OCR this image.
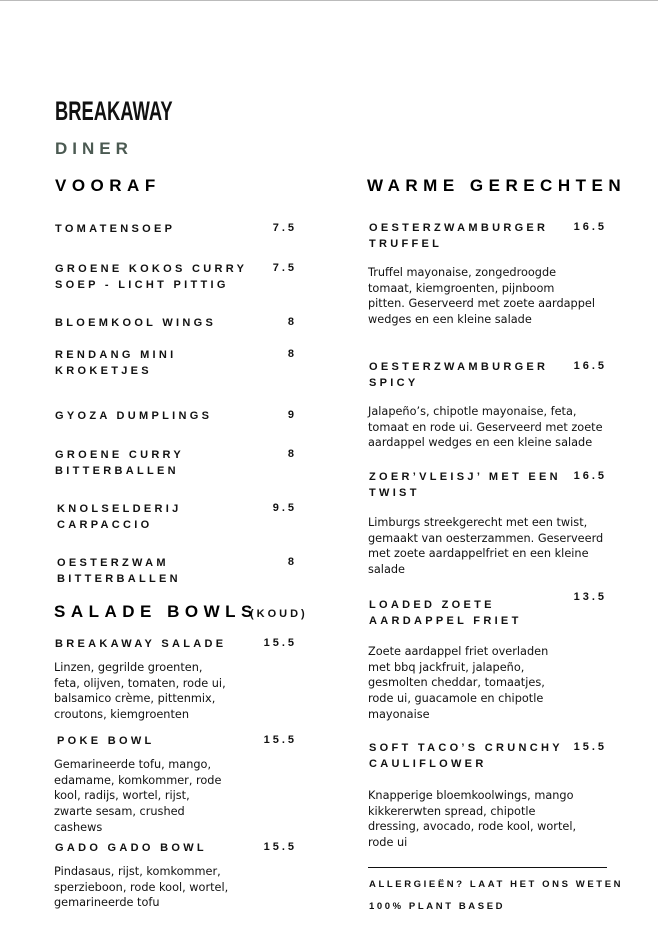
BREAKAWAY
DINER
VOORAF
SALADE BOWLS
(KOUD)
WARME GERECHTEN
TOMATENSOEP	7.5
GROENE KOKOS CURRY
SOEP - LICHT PITTIG
7.5
BLOEMKOOL WINGS	8
RENDANG MINI
KROKETJES
8
GYOZA DUMPLINGS	9
GROENE CURRY
BITTERBALLEN
8
KNOLSELDERIJ
CARPACCIO
9.5
OESTERZWAM
BITTERBALLEN
8
BREAKAWAY SALADE	15.5
Linzen, gegrilde groenten,
feta, olijven, tomaten, rode ui,
balsamico crème, pittenmix,
croutons, kiemgroenten
POKE BOWL	15.5
Gemarineerde tofu, mango,
edamame, komkommer, rode
kool, radijs, wortel, rijst,
zwarte sesam, crushed
cashews
GADO GADO BOWL	15.5
Pindasaus, rijst, komkommer,
sperzieboon, rode kool, wortel,
gemarineerde tofu
OESTERZWAMBURGER
TRUFFEL
16.5
Truffel mayonaise, zongedroogde
tomaat, kiemgroenten, pijnboom
pitten. Geserveerd met zoete aardappel
wedges en een kleine salade
OESTERZWAMBURGER
SPICY
16.5
Jalapeño’s, chipotle mayonaise, feta,
tomaat en rode ui. Geserveerd met zoete
aardappel wedges en een kleine salade
ZOER’VLEISJ’ MET EEN
TWIST
16.5
Limburgs streekgerecht met een twist,
gemaakt van oesterzammen. Geserveerd
met zoete aardappelfriet en een kleine
salade
LOADED ZOETE
AARDAPPEL FRIET
13.5
Zoete aardappel friet overladen
met bbq jackfruit, jalapeño,
gesmolten cheddar, tomaatjes,
rode ui, guacamole en chipotle
mayonaise
SOFT TACO’S CRUNCHY
CAULIFLOWER
15.5
Knapperige bloemkoolwings, mango
kikkererwten spread, chipotle
dressing, avocado, rode kool, wortel,
rode ui
ALLERGIEËN? LAAT HET ONS WETEN
100% PLANT BASED
